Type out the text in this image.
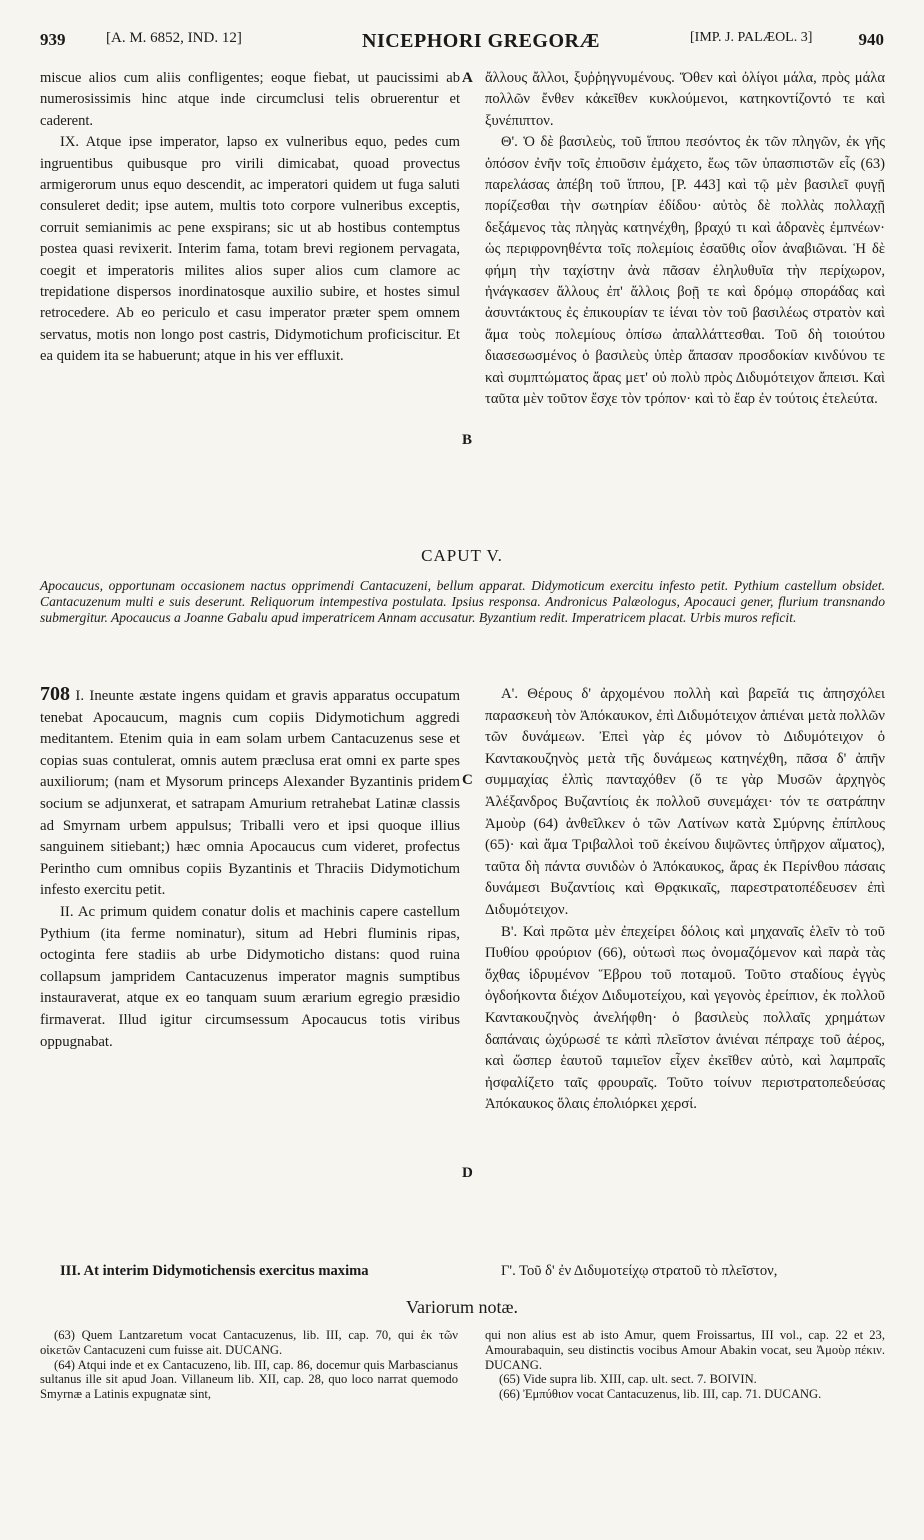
939	[A. M. 6852, IND. 12]	NICEPHORI GREGORÆ	[IMP. J. PALÆOL. 3]	940

miscue alios cum aliis confligentes; eoque fiebat, ut paucissimi ab numerosissimis hinc atque inde circumclusi telis obruerentur et caderent.

IX. Atque ipse imperator, lapso ex vulneribus equo, pedes cum ingruentibus quibusque pro virili dimicabat, quoad provectus armigerorum unus equo descendit, ac imperatori quidem ut fuga saluti consuleret dedit; ipse autem, multis toto corpore vulneribus exceptis, corruit semianimis ac pene exspirans; sic ut ab hostibus contemptus postea quasi revixerit. Interim fama, totam brevi regionem pervagata, coegit et imperatoris milites alios super alios cum clamore ac trepidatione dispersos inordinatosque auxilio subire, et hostes simul retrocedere. Ab eo periculo et casu imperator præter spem omnem servatus, motis non longo post castris, Didymotichum proficiscitur. Et ea quidem ita se habuerunt; atque in his ver effluxit.

ἄλλους ἄλλοι, ξυῤῥηγνυμένους. Ὅθεν καὶ ὀλίγοι μάλα, πρὸς μάλα πολλῶν ἔνθεν κἀκεῖθεν κυκλούμενοι, κατηκοντίζοντό τε καὶ ξυνέπιπτον.

Θ'. Ὁ δὲ βασιλεὺς, τοῦ ἵππου πεσόντος ἐκ τῶν πληγῶν, ἐκ γῆς ὁπόσον ἐνῆν τοῖς ἐπιοῦσιν ἐμάχετο, ἕως τῶν ὑπασπιστῶν εἷς (63) παρελάσας ἀπέβη τοῦ ἵππου, [P. 443] καὶ τῷ μὲν βασιλεῖ φυγῇ πορίζεσθαι τὴν σωτηρίαν ἐδίδου· αὐτὸς δὲ πολλὰς πολλαχῇ δεξάμενος τὰς πληγὰς κατηνέχθη, βραχύ τι καὶ ἀδρανὲς ἐμπνέων· ὡς περιφρονηθέντα τοῖς πολεμίοις ἐσαῦθις οἷον ἀναβιῶναι. Ἡ δὲ φήμη τὴν ταχίστην ἀνὰ πᾶσαν ἐληλυθυῖα τὴν περίχωρον, ἠνάγκασεν ἄλλους ἐπ' ἄλλοις βοῇ τε καὶ δρόμῳ σποράδας καὶ ἀσυντάκτους ἐς ἐπικουρίαν τε ἰέναι τὸν τοῦ βασιλέως στρατὸν καὶ ἅμα τοὺς πολεμίους ὀπίσω ἀπαλλάττεσθαι. Τοῦ δὴ τοιούτου διασεσωσμένος ὁ βασιλεὺς ὑπὲρ ἅπασαν προσδοκίαν κινδύνου τε καὶ συμπτώματος ἄρας μετ' οὐ πολὺ πρὸς Διδυμότειχον ἄπεισι. Καὶ ταῦτα μὲν τοῦτον ἔσχε τὸν τρόπον· καὶ τὸ ἔαρ ἐν τούτοις ἐτελεύτα.

A
B
C
D
CAPUT V.
Apocaucus, opportunam occasionem nactus opprimendi Cantacuzeni, bellum apparat. Didymoticum exercitu infesto petit. Pythium castellum obsidet. Cantacuzenum multi e suis deserunt. Reliquorum intempestiva postulata. Ipsius responsa. Andronicus Palæologus, Apocauci gener, flurium transnando submergitur. Apocaucus a Joanne Gabalu apud imperatricem Annam accusatur. Byzantium redit. Imperatricem placat. Urbis muros reficit.

708 I. Ineunte æstate ingens quidam et gravis apparatus occupatum tenebat Apocaucum, magnis cum copiis Didymotichum aggredi meditantem. Etenim quia in eam solam urbem Cantacuzenus sese et copias suas contulerat, omnis autem præclusa erat omni ex parte spes auxiliorum; (nam et Mysorum princeps Alexander Byzantinis pridem socium se adjunxerat, et satrapam Amurium retrahebat Latinæ classis ad Smyrnam urbem appulsus; Triballi vero et ipsi quoque illius sanguinem sitiebant;) hæc omnia Apocaucus cum videret, profectus Perintho cum omnibus copiis Byzantinis et Thraciis Didymotichum infesto exercitu petit.

II. Ac primum quidem conatur dolis et machinis capere castellum Pythium (ita ferme nominatur), situm ad Hebri fluminis ripas, octoginta fere stadiis ab urbe Didymoticho distans: quod ruina collapsum jampridem Cantacuzenus imperator magnis sumptibus instauraverat, atque ex eo tanquam suum ærarium egregio præsidio firmaverat. Illud igitur circumsessum Apocaucus totis viribus oppugnabat.

Α'. Θέρους δ' ἀρχομένου πολλὴ καὶ βαρεῖά τις ἀπησχόλει παρασκευὴ τὸν Ἀπόκαυκον, ἐπὶ Διδυμότειχον ἀπιέναι μετὰ πολλῶν τῶν δυνάμεων. Ἐπεὶ γὰρ ἐς μόνον τὸ Διδυμότειχον ὁ Καντακουζηνὸς μετὰ τῆς δυνάμεως κατηνέχθη, πᾶσα δ' ἀπῆν συμμαχίας ἐλπὶς πανταχόθεν (ὅ τε γὰρ Μυσῶν ἀρχηγὸς Ἀλέξανδρος Βυζαντίοις ἐκ πολλοῦ συνεμάχει· τόν τε σατράπην Ἀμοὺρ (64) ἀνθεῖλκεν ὁ τῶν Λατίνων κατὰ Σμύρνης ἐπίπλους (65)· καὶ ἅμα Τριβαλλοὶ τοῦ ἐκείνου διψῶντες ὑπῆρχον αἵματος), ταῦτα δὴ πάντα συνιδὼν ὁ Ἀπόκαυκος, ἄρας ἐκ Περίνθου πάσαις δυνάμεσι Βυζαντίοις καὶ Θρᾳκικαῖς, παρεστρατοπέδευσεν ἐπὶ Διδυμότειχον.

Β'. Καὶ πρῶτα μὲν ἐπεχείρει δόλοις καὶ μηχαναῖς ἑλεῖν τὸ τοῦ Πυθίου φρούριον (66), οὑτωσὶ πως ὀνομαζόμενον καὶ παρὰ τὰς ὄχθας ἱδρυμένον Ἕβρου τοῦ ποταμοῦ. Τοῦτο σταδίους ἐγγὺς ὀγδοήκοντα διέχον Διδυμοτείχου, καὶ γεγονὸς ἐρείπιον, ἐκ πολλοῦ Καντακουζηνὸς ἀνελήφθη· ὁ βασιλεὺς πολλαῖς χρημάτων δαπάναις ὠχύρωσέ τε κἀπὶ πλεῖστον ἀνιέναι πέπραχε τοῦ ἀέρος, καὶ ὥσπερ ἑαυτοῦ ταμιεῖον εἶχεν ἐκεῖθεν αὐτὸ, καὶ λαμπραῖς ἠσφαλίζετο ταῖς φρουραῖς. Τοῦτο τοίνυν περιστρατοπεδεύσας Ἀπόκαυκος ὅλαις ἐπολιόρκει χερσί.

III. At interim Didymotichensis exercitus maxima	Γ'. Τοῦ δ' ἐν Διδυμοτείχῳ στρατοῦ τὸ πλεῖστον,

Variorum notæ.

(63) Quem Lantzaretum vocat Cantacuzenus, lib. III, cap. 70, qui ἐκ τῶν οἰκετῶν Cantacuzeni cum fuisse ait. DUCANG.

(64) Atqui inde et ex Cantacuzeno, lib. III, cap. 86, docemur quis Marbascianus sultanus ille sit apud Joan. Villaneum lib. XII, cap. 28, quo loco narrat quemodo Smyrnæ a Latinis expugnatæ sint,

qui non alius est ab isto Amur, quem Froissartus, III vol., cap. 22 et 23, Amourabaquin, seu distinctis vocibus Amour Abakin vocat, seu Ἀμοὺρ πέκιν. DUCANG.

(65) Vide supra lib. XIII, cap. ult. sect. 7. BOIVIN.

(66) Ἐμπύθιον vocat Cantacuzenus, lib. III, cap. 71. DUCANG.
